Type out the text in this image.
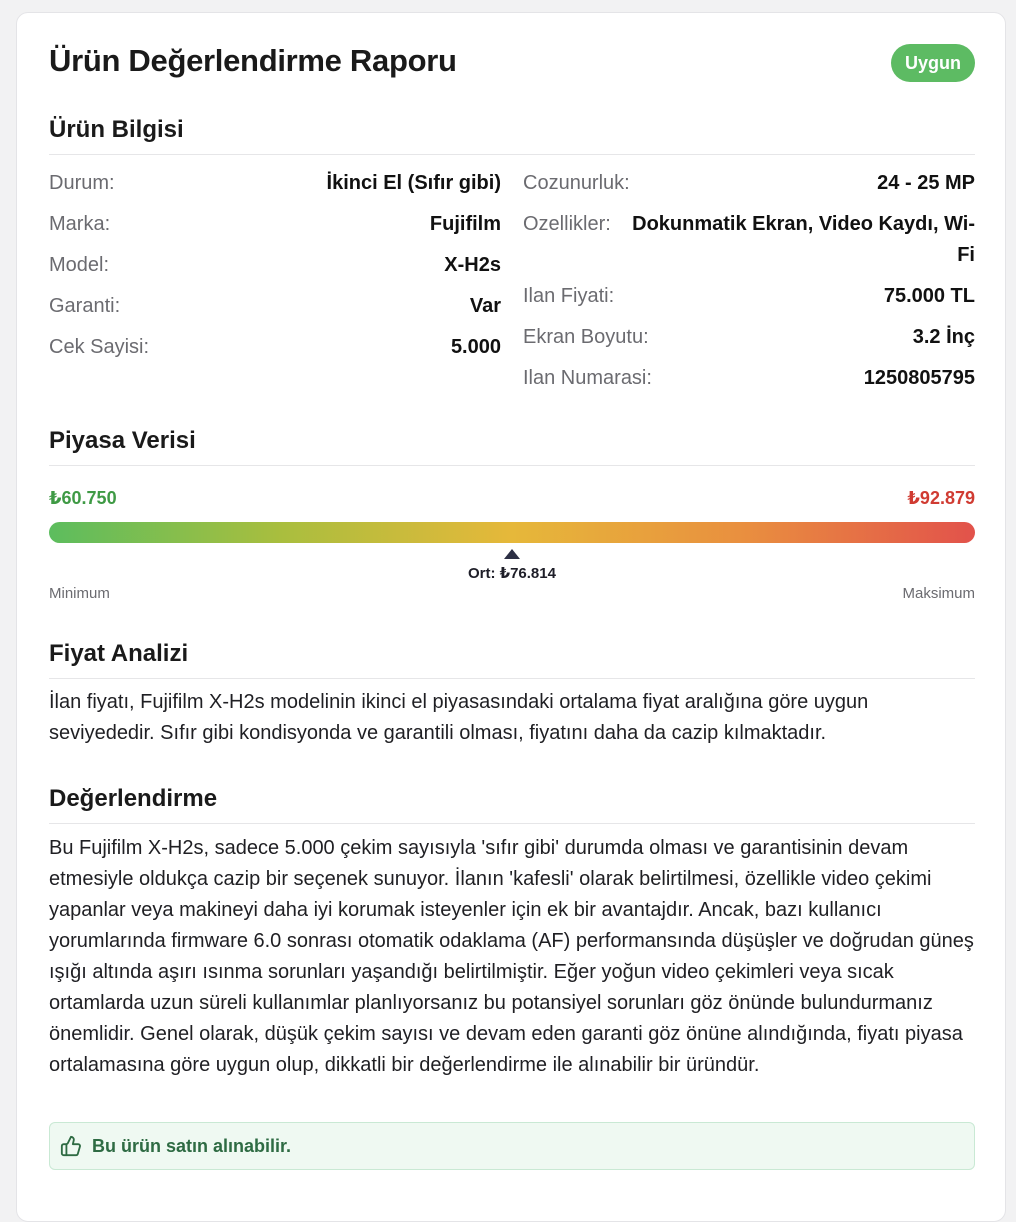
Ürün Değerlendirme Raporu	Uygun
Ürün Bilgisi
Durum:	İkinci El (Sıfır gibi)
Marka:	Fujifilm
Model:	X-H2s
Garanti:	Var
Cek Sayisi:	5.000
Cozunurluk:	24 - 25 MP
Ozellikler:	Dokunmatik Ekran, Video Kaydı, Wi-Fi
Ilan Fiyati:	75.000 TL
Ekran Boyutu:	3.2 İnç
Ilan Numarasi:	1250805795
Piyasa Verisi
₺60.750	₺92.879
Ort: ₺76.814
Minimum	Maksimum
Fiyat Analizi

İlan fiyatı, Fujifilm X-H2s modelinin ikinci el piyasasındaki ortalama fiyat aralığına göre uygun seviyededir. Sıfır gibi kondisyonda ve garantili olması, fiyatını daha da cazip kılmaktadır.

Değerlendirme

Bu Fujifilm X-H2s, sadece 5.000 çekim sayısıyla 'sıfır gibi' durumda olması ve garantisinin devam etmesiyle oldukça cazip bir seçenek sunuyor. İlanın 'kafesli' olarak belirtilmesi, özellikle video çekimi yapanlar veya makineyi daha iyi korumak isteyenler için ek bir avantajdır. Ancak, bazı kullanıcı yorumlarında firmware 6.0 sonrası otomatik odaklama (AF) performansında düşüşler ve doğrudan güneş ışığı altında aşırı ısınma sorunları yaşandığı belirtilmiştir. Eğer yoğun video çekimleri veya sıcak ortamlarda uzun süreli kullanımlar planlıyorsanız bu potansiyel sorunları göz önünde bulundurmanız önemlidir. Genel olarak, düşük çekim sayısı ve devam eden garanti göz önüne alındığında, fiyatı piyasa ortalamasına göre uygun olup, dikkatli bir değerlendirme ile alınabilir bir üründür.

Bu ürün satın alınabilir.
